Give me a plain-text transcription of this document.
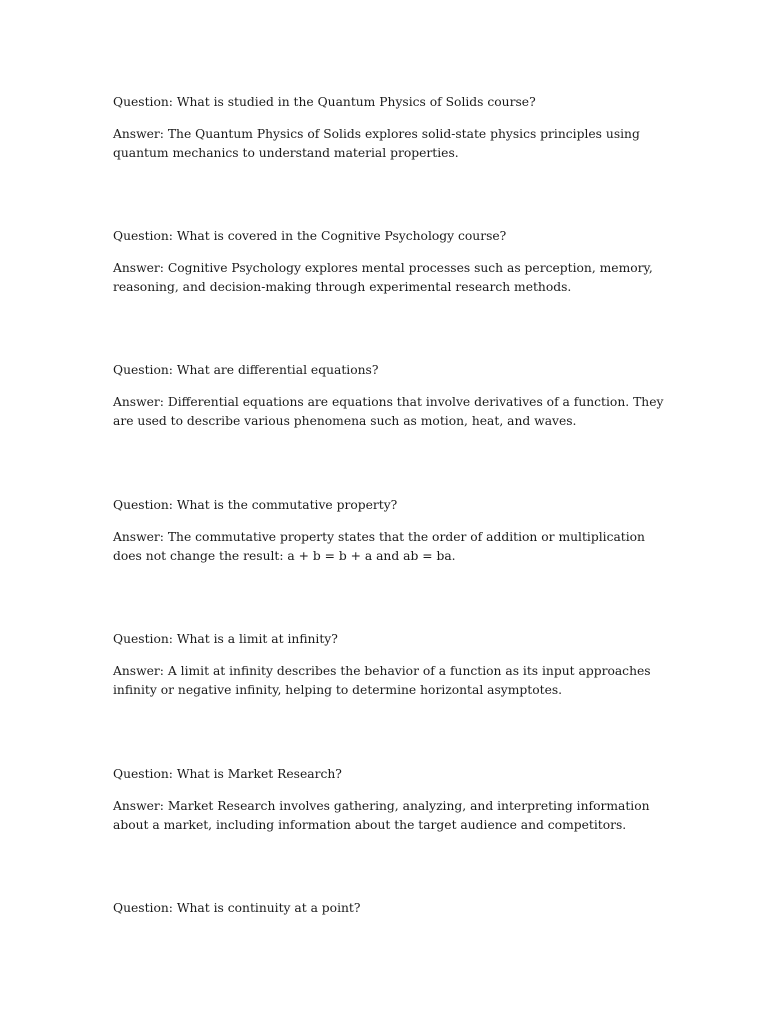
Question: What is studied in the Quantum Physics of Solids course?

Answer: The Quantum Physics of Solids explores solid-state physics principles using quantum mechanics to understand material properties.

Question: What is covered in the Cognitive Psychology course?

Answer: Cognitive Psychology explores mental processes such as perception, memory, reasoning, and decision-making through experimental research methods.

Question: What are differential equations?

Answer: Differential equations are equations that involve derivatives of a function. They are used to describe various phenomena such as motion, heat, and waves.

Question: What is the commutative property?

Answer: The commutative property states that the order of addition or multiplication does not change the result: a + b = b + a and ab = ba.

Question: What is a limit at infinity?

Answer: A limit at infinity describes the behavior of a function as its input approaches infinity or negative infinity, helping to determine horizontal asymptotes.

Question: What is Market Research?

Answer: Market Research involves gathering, analyzing, and interpreting information about a market, including information about the target audience and competitors.

Question: What is continuity at a point?
